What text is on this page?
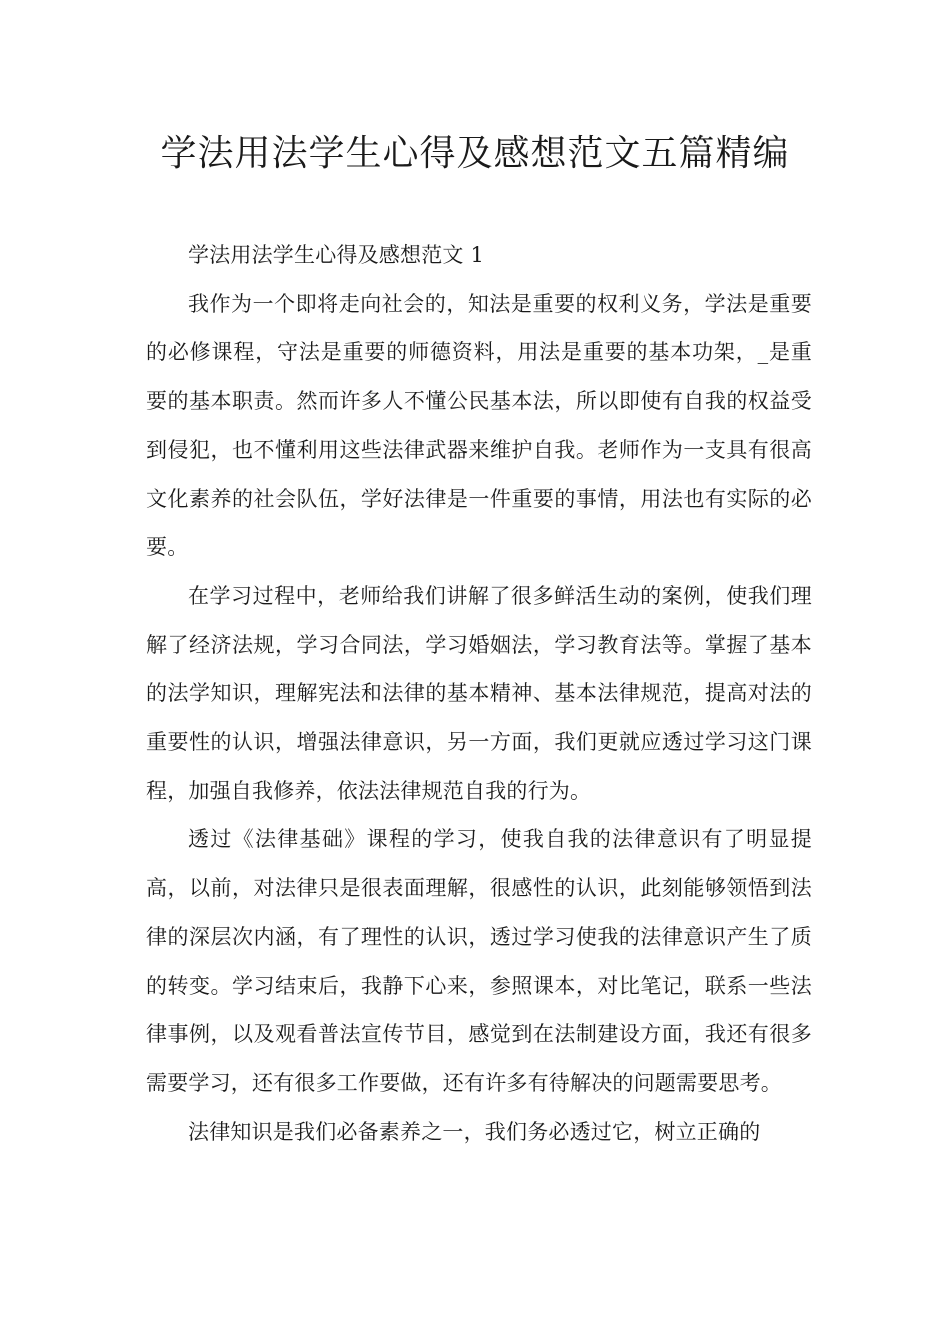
学法用法学生心得及感想范文五篇精编

学法用法学生心得及感想范文 1

我作为一个即将走向社会的，知法是重要的权利义务，学法是重要的必修课程，守法是重要的师德资料，用法是重要的基本功架，_是重要的基本职责。然而许多人不懂公民基本法，所以即使有自我的权益受到侵犯，也不懂利用这些法律武器来维护自我。老师作为一支具有很高文化素养的社会队伍，学好法律是一件重要的事情，用法也有实际的必要。

在学习过程中，老师给我们讲解了很多鲜活生动的案例，使我们理解了经济法规，学习合同法，学习婚姻法，学习教育法等。掌握了基本的法学知识，理解宪法和法律的基本精神、基本法律规范，提高对法的重要性的认识，增强法律意识，另一方面，我们更就应透过学习这门课程，加强自我修养，依法法律规范自我的行为。

透过《法律基础》课程的学习，使我自我的法律意识有了明显提高，以前，对法律只是很表面理解，很感性的认识，此刻能够领悟到法律的深层次内涵，有了理性的认识，透过学习使我的法律意识产生了质的转变。学习结束后，我静下心来，参照课本，对比笔记，联系一些法律事例，以及观看普法宣传节目，感觉到在法制建设方面，我还有很多需要学习，还有很多工作要做，还有许多有待解决的问题需要思考。

法律知识是我们必备素养之一，我们务必透过它，树立正确的
